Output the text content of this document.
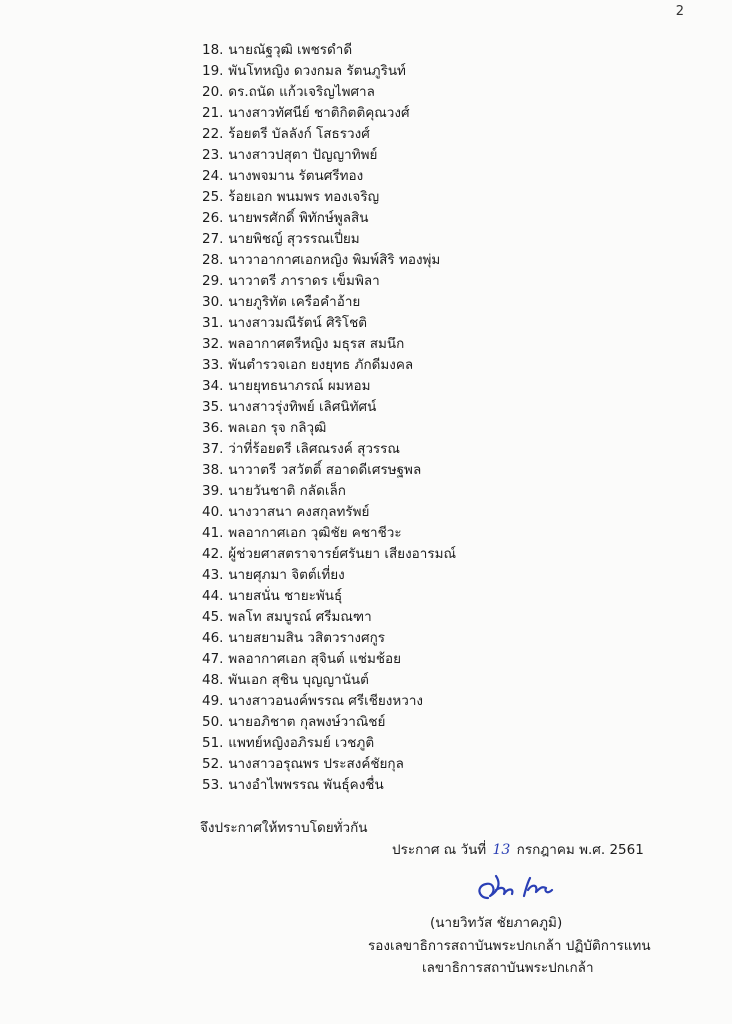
2
18. นายณัฐวุฒิ เพชรดำดี
19. พันโทหญิง ดวงกมล รัตนภูรินท์
20. ดร.ถนัด แก้วเจริญไพศาล
21. นางสาวทัศนีย์ ชาติกิตติคุณวงศ์
22. ร้อยตรี บัลลังก์ โสธรวงศ์
23. นางสาวปสุตา ปัญญาทิพย์
24. นางพจมาน รัตนศรีทอง
25. ร้อยเอก พนมพร ทองเจริญ
26. นายพรศักดิ์ พิทักษ์พูลสิน
27. นายพิชญ์ สุวรรณเปี่ยม
28. นาวาอากาศเอกหญิง พิมพ์สิริ ทองพุ่ม
29. นาวาตรี ภาราดร เข็มพิลา
30. นายภูริทัต เครือคำอ้าย
31. นางสาวมณีรัตน์ ศิริโชติ
32. พลอากาศตรีหญิง มธุรส สมนึก
33. พันตำรวจเอก ยงยุทธ ภักดีมงคล
34. นายยุทธนาภรณ์ ผมหอม
35. นางสาวรุ่งทิพย์ เลิศนิทัศน์
36. พลเอก รุจ กลิวุฒิ
37. ว่าที่ร้อยตรี เลิศณรงค์ สุวรรณ
38. นาวาตรี วสวัตติ์ สอาดดีเศรษฐพล
39. นายวันชาติ กลัดเล็ก
40. นางวาสนา คงสกุลทรัพย์
41. พลอากาศเอก วุฒิชัย คชาชีวะ
42. ผู้ช่วยศาสตราจารย์ศรันยา เสียงอารมณ์
43. นายศุภมา จิตต์เที่ยง
44. นายสนั่น ชายะพันธุ์
45. พลโท สมบูรณ์ ศรีมณฑา
46. นายสยามสิน วสิตวรางศกูร
47. พลอากาศเอก สุจินต์ แช่มช้อย
48. พันเอก สุชิน บุญญานันต์
49. นางสาวอนงค์พรรณ ศรีเชียงหวาง
50. นายอภิชาต กุลพงษ์วาณิชย์
51. แพทย์หญิงอภิรมย์ เวชภูติ
52. นางสาวอรุณพร ประสงค์ชัยกุล
53. นางอำไพพรรณ พันธุ์คงชื่น
จึงประกาศให้ทราบโดยทั่วกัน
ประกาศ ณ วันที่ 13 กรกฎาคม พ.ศ. 2561
(นายวิทวัส ชัยภาคภูมิ)
รองเลขาธิการสถาบันพระปกเกล้า ปฏิบัติการแทน
เลขาธิการสถาบันพระปกเกล้า
